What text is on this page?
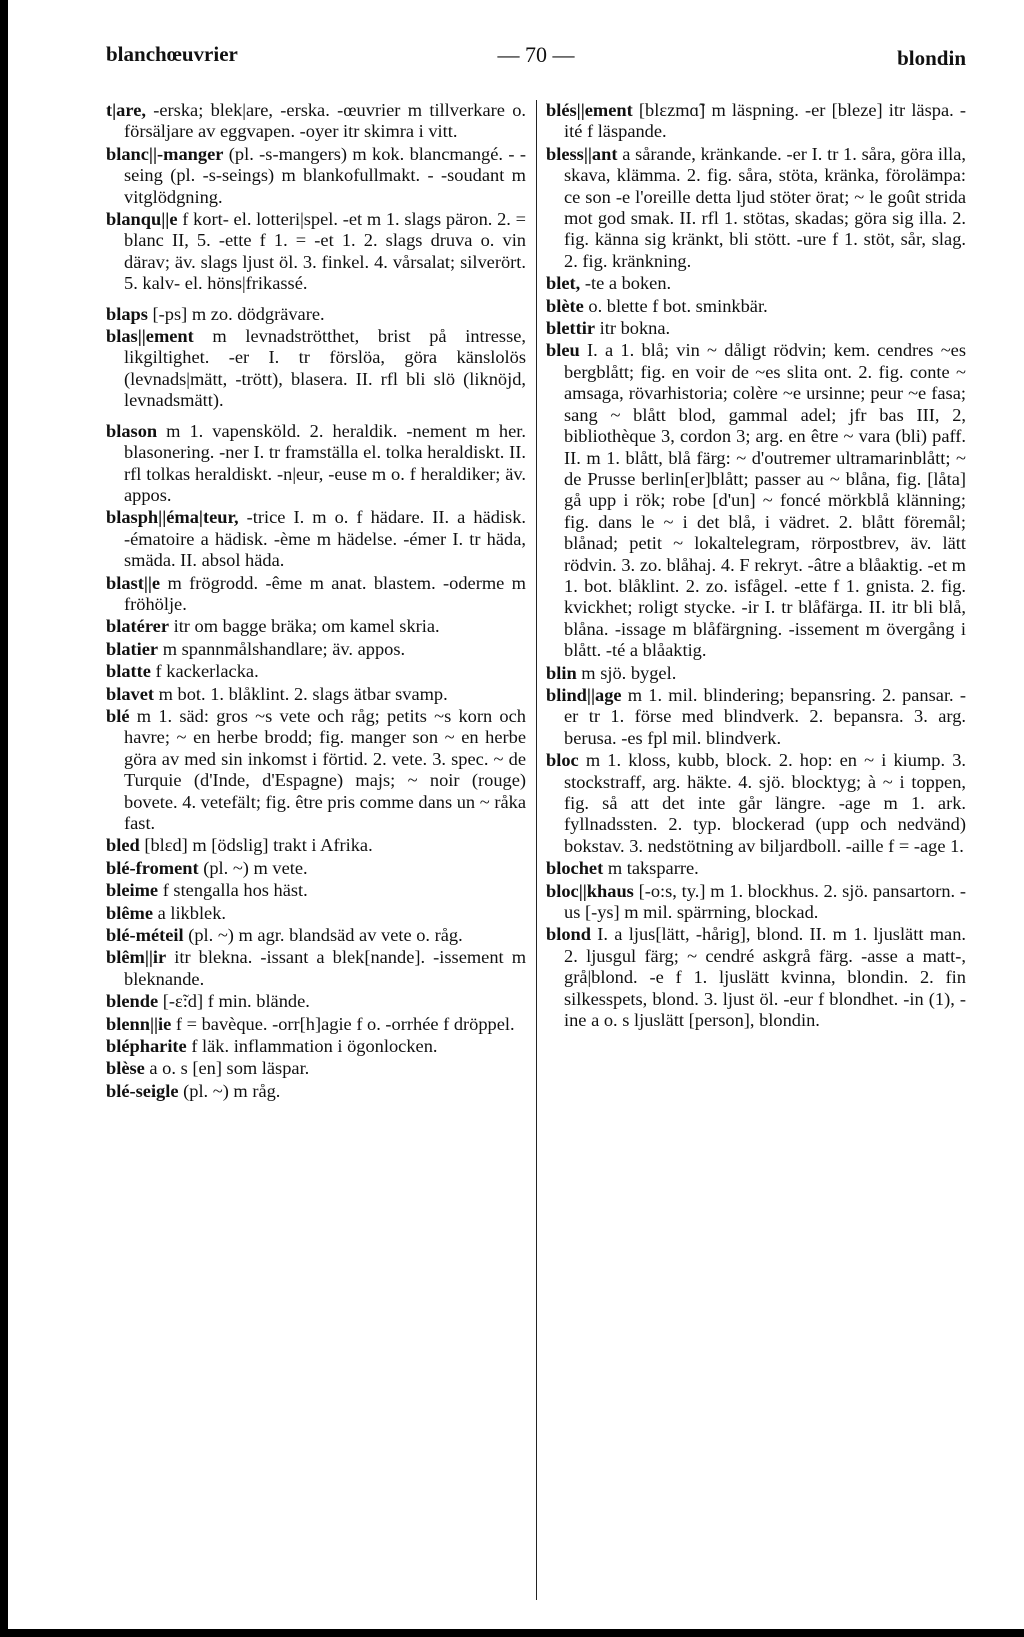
blanchœuvrier	— 70 —	blondin

t|are, -erska; blek|are, -erska. -œuvrier m tillverkare o. försäljare av eggvapen. -oyer itr skimra i vitt.

blanc||-manger (pl. -s-mangers) m kok. blancmangé. - -seing (pl. -s-seings) m blankofullmakt. - -soudant m vitglödgning.

blanqu||e f kort- el. lotteri|spel. -et m 1. slags päron. 2. = blanc II, 5. -ette f 1. = -et 1. 2. slags druva o. vin därav; äv. slags ljust öl. 3. finkel. 4. vårsalat; silverört. 5. kalv- el. höns|frikassé.

blaps [-ps] m zo. dödgrävare.

blas||ement m levnadströtthet, brist på intresse, likgiltighet. -er I. tr förslöa, göra känslolös (levnads|mätt, -trött), blasera. II. rfl bli slö (liknöjd, levnadsmätt).

blason m 1. vapensköld. 2. heraldik. -nement m her. blasonering. -ner I. tr framställa el. tolka heraldiskt. II. rfl tolkas heraldiskt. -n|eur, -euse m o. f heraldiker; äv. appos.

blasph||éma|teur, -trice I. m o. f hädare. II. a hädisk. -ématoire a hädisk. -ème m hädelse. -émer I. tr häda, smäda. II. absol häda.

blast||e m frögrodd. -ême m anat. blastem. -oderme m fröhölje.

blatérer itr om bagge bräka; om kamel skria.

blatier m spannmålshandlare; äv. appos.

blatte f kackerlacka.

blavet m bot. 1. blåklint. 2. slags ätbar svamp.

blé m 1. säd: gros ~s vete och råg; petits ~s korn och havre; ~ en herbe brodd; fig. manger son ~ en herbe göra av med sin inkomst i förtid. 2. vete. 3. spec. ~ de Turquie (d'Inde, d'Espagne) majs; ~ noir (rouge) bovete. 4. vetefält; fig. être pris comme dans un ~ råka fast.

bled [blɛd] m [ödslig] trakt i Afrika.

blé-froment (pl. ~) m vete.

bleime f stengalla hos häst.

blême a likblek.

blé-méteil (pl. ~) m agr. blandsäd av vete o. råg.

blêm||ir itr blekna. -issant a blek[nande]. -issement m bleknande.

blende [-ɛ̃:d] f min. blände.

blenn||ie f = bavèque. -orr[h]agie f o. -orrhée f dröppel.

blépharite f läk. inflammation i ögonlocken.

blèse a o. s [en] som läspar.

blé-seigle (pl. ~) m råg.

blés||ement [blɛzmɑ̃] m läspning. -er [bleze] itr läspa. -ité f läspande.

bless||ant a sårande, kränkande. -er I. tr 1. såra, göra illa, skava, klämma. 2. fig. såra, stöta, kränka, förolämpa: ce son -e l'oreille detta ljud stöter örat; ~ le goût strida mot god smak. II. rfl 1. stötas, skadas; göra sig illa. 2. fig. känna sig kränkt, bli stött. -ure f 1. stöt, sår, slag. 2. fig. kränkning.

blet, -te a boken.

blète o. blette f bot. sminkbär.

blettir itr bokna.

bleu I. a 1. blå; vin ~ dåligt rödvin; kem. cendres ~es bergblått; fig. en voir de ~es slita ont. 2. fig. conte ~ amsaga, rövarhistoria; colère ~e ursinne; peur ~e fasa; sang ~ blått blod, gammal adel; jfr bas III, 2, bibliothèque 3, cordon 3; arg. en être ~ vara (bli) paff. II. m 1. blått, blå färg: ~ d'outremer ultramarinblått; ~ de Prusse berlin[er]blått; passer au ~ blåna, fig. [låta] gå upp i rök; robe [d'un] ~ foncé mörkblå klänning; fig. dans le ~ i det blå, i vädret. 2. blått föremål; blånad; petit ~ lokaltelegram, rörpostbrev, äv. lätt rödvin. 3. zo. blåhaj. 4. F rekryt. -âtre a blåaktig. -et m 1. bot. blåklint. 2. zo. isfågel. -ette f 1. gnista. 2. fig. kvickhet; roligt stycke. -ir I. tr blåfärga. II. itr bli blå, blåna. -issage m blåfärgning. -issement m övergång i blått. -té a blåaktig.

blin m sjö. bygel.

blind||age m 1. mil. blindering; bepansring. 2. pansar. -er tr 1. förse med blindverk. 2. bepansra. 3. arg. berusa. -es fpl mil. blindverk.

bloc m 1. kloss, kubb, block. 2. hop: en ~ i kiump. 3. stockstraff, arg. häkte. 4. sjö. blocktyg; à ~ i toppen, fig. så att det inte går längre. -age m 1. ark. fyllnadssten. 2. typ. blockerad (upp och nedvänd) bokstav. 3. nedstötning av biljardboll. -aille f = -age 1.

blochet m taksparre.

bloc||khaus [-o:s, ty.] m 1. blockhus. 2. sjö. pansartorn. -us [-ys] m mil. spärrning, blockad.

blond I. a ljus[lätt, -hårig], blond. II. m 1. ljuslätt man. 2. ljusgul färg; ~ cendré askgrå färg. -asse a matt-, grå|blond. -e f 1. ljuslätt kvinna, blondin. 2. fin silkesspets, blond. 3. ljust öl. -eur f blondhet. -in (1), -ine a o. s ljuslätt [person], blondin.
